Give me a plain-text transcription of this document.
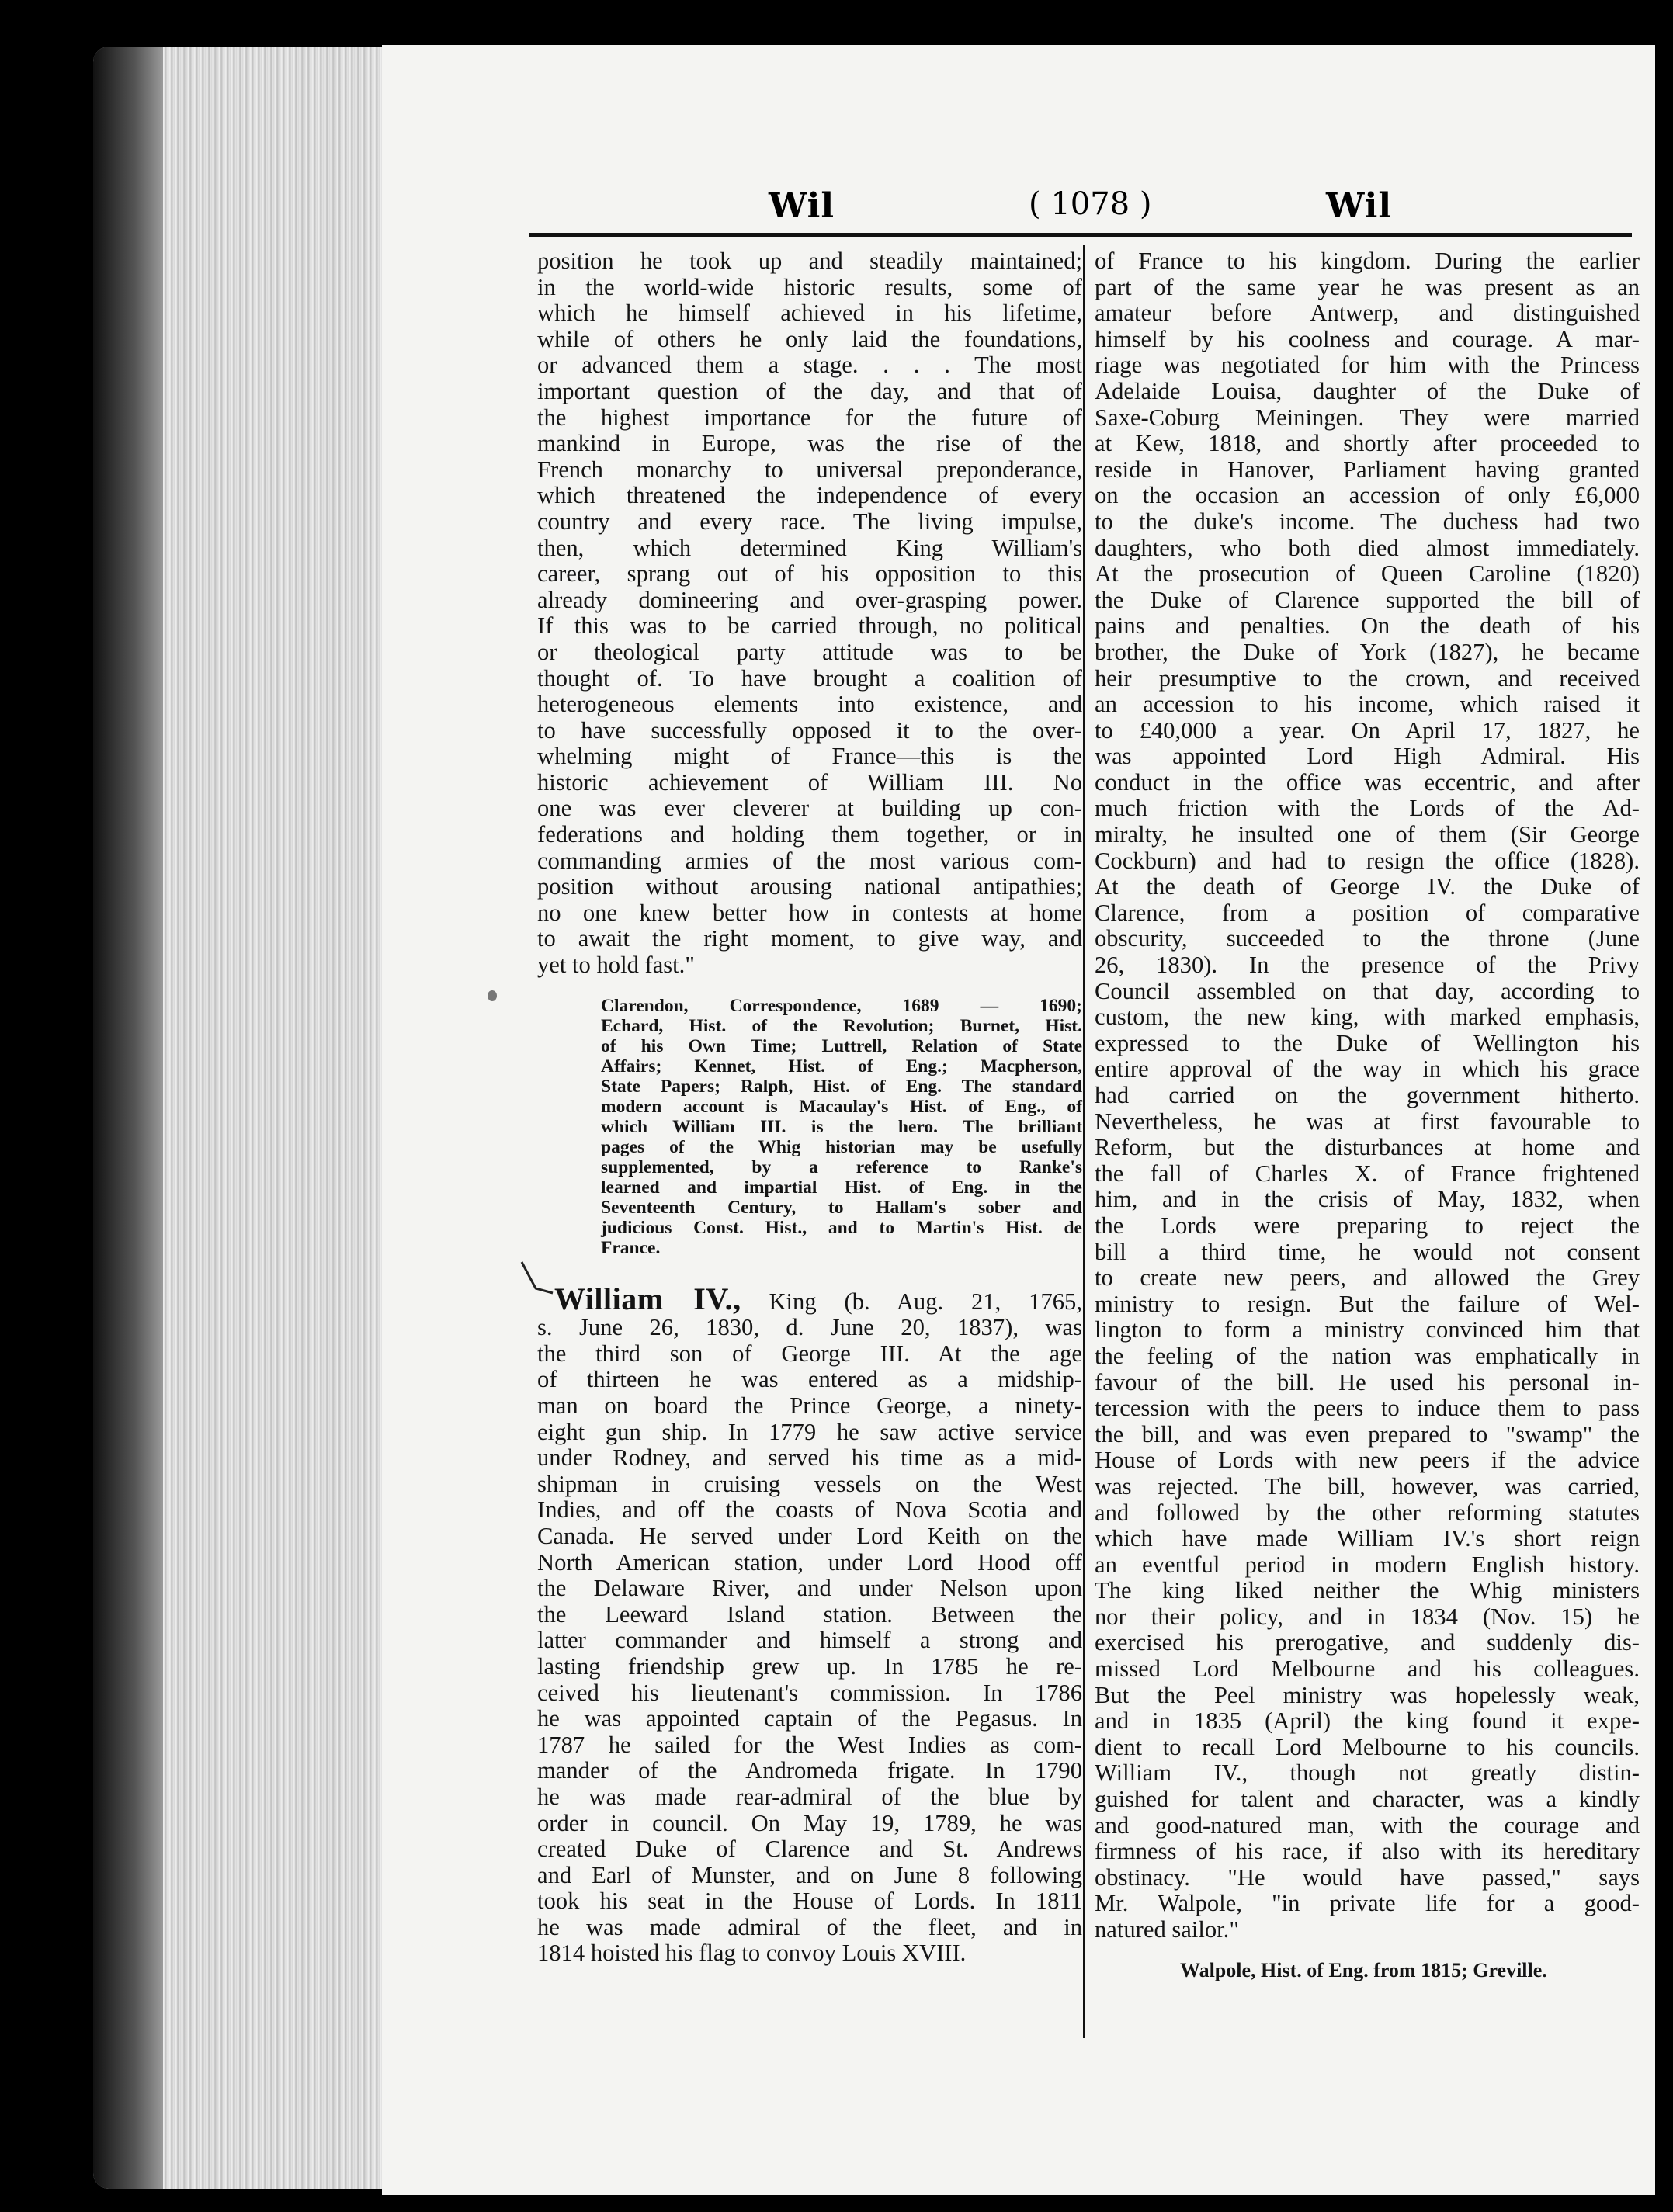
Wil	( 1078 )	Wil
position he took up and steadily maintained;
in the world-wide historic results, some of
which he himself achieved in his lifetime,
while of others he only laid the foundations,
or advanced them a stage. . . . The most
important question of the day, and that of
the highest importance for the future of
mankind in Europe, was the rise of the
French monarchy to universal preponderance,
which threatened the independence of every
country and every race. The living impulse,
then, which determined King William's
career, sprang out of his opposition to this
already domineering and over-grasping power.
If this was to be carried through, no political
or theological party attitude was to be
thought of. To have brought a coalition of
heterogeneous elements into existence, and
to have successfully opposed it to the over-
whelming might of France—this is the
historic achievement of William III. No
one was ever cleverer at building up con-
federations and holding them together, or in
commanding armies of the most various com-
position without arousing national antipathies;
no one knew better how in contests at home
to await the right moment, to give way, and
yet to hold fast."
Clarendon, Correspondence, 1689 — 1690;
Echard, Hist. of the Revolution; Burnet, Hist.
of his Own Time; Luttrell, Relation of State
Affairs; Kennet, Hist. of Eng.; Macpherson,
State Papers; Ralph, Hist. of Eng. The standard
modern account is Macaulay's Hist. of Eng., of
which William III. is the hero. The brilliant
pages of the Whig historian may be usefully
supplemented, by a reference to Ranke's
learned and impartial Hist. of Eng. in the
Seventeenth Century, to Hallam's sober and
judicious Const. Hist., and to Martin's Hist. de
France.
William IV., King (b. Aug. 21, 1765,
s. June 26, 1830, d. June 20, 1837), was
the third son of George III. At the age
of thirteen he was entered as a midship-
man on board the Prince George, a ninety-
eight gun ship. In 1779 he saw active service
under Rodney, and served his time as a mid-
shipman in cruising vessels on the West
Indies, and off the coasts of Nova Scotia and
Canada. He served under Lord Keith on the
North American station, under Lord Hood off
the Delaware River, and under Nelson upon
the Leeward Island station. Between the
latter commander and himself a strong and
lasting friendship grew up. In 1785 he re-
ceived his lieutenant's commission. In 1786
he was appointed captain of the Pegasus. In
1787 he sailed for the West Indies as com-
mander of the Andromeda frigate. In 1790
he was made rear-admiral of the blue by
order in council. On May 19, 1789, he was
created Duke of Clarence and St. Andrews
and Earl of Munster, and on June 8 following
took his seat in the House of Lords. In 1811
he was made admiral of the fleet, and in
1814 hoisted his flag to convoy Louis XVIII.
of France to his kingdom. During the earlier
part of the same year he was present as an
amateur before Antwerp, and distinguished
himself by his coolness and courage. A mar-
riage was negotiated for him with the Princess
Adelaide Louisa, daughter of the Duke of
Saxe-Coburg Meiningen. They were married
at Kew, 1818, and shortly after proceeded to
reside in Hanover, Parliament having granted
on the occasion an accession of only £6,000
to the duke's income. The duchess had two
daughters, who both died almost immediately.
At the prosecution of Queen Caroline (1820)
the Duke of Clarence supported the bill of
pains and penalties. On the death of his
brother, the Duke of York (1827), he became
heir presumptive to the crown, and received
an accession to his income, which raised it
to £40,000 a year. On April 17, 1827, he
was appointed Lord High Admiral. His
conduct in the office was eccentric, and after
much friction with the Lords of the Ad-
miralty, he insulted one of them (Sir George
Cockburn) and had to resign the office (1828).
At the death of George IV. the Duke of
Clarence, from a position of comparative
obscurity, succeeded to the throne (June
26, 1830). In the presence of the Privy
Council assembled on that day, according to
custom, the new king, with marked emphasis,
expressed to the Duke of Wellington his
entire approval of the way in which his grace
had carried on the government hitherto.
Nevertheless, he was at first favourable to
Reform, but the disturbances at home and
the fall of Charles X. of France frightened
him, and in the crisis of May, 1832, when
the Lords were preparing to reject the
bill a third time, he would not consent
to create new peers, and allowed the Grey
ministry to resign. But the failure of Wel-
lington to form a ministry convinced him that
the feeling of the nation was emphatically in
favour of the bill. He used his personal in-
tercession with the peers to induce them to pass
the bill, and was even prepared to "swamp" the
House of Lords with new peers if the advice
was rejected. The bill, however, was carried,
and followed by the other reforming statutes
which have made William IV.'s short reign
an eventful period in modern English history.
The king liked neither the Whig ministers
nor their policy, and in 1834 (Nov. 15) he
exercised his prerogative, and suddenly dis-
missed Lord Melbourne and his colleagues.
But the Peel ministry was hopelessly weak,
and in 1835 (April) the king found it expe-
dient to recall Lord Melbourne to his councils.
William IV., though not greatly distin-
guished for talent and character, was a kindly
and good-natured man, with the courage and
firmness of his race, if also with its hereditary
obstinacy. "He would have passed," says
Mr. Walpole, "in private life for a good-
natured sailor."
Walpole, Hist. of Eng. from 1815; Greville.
